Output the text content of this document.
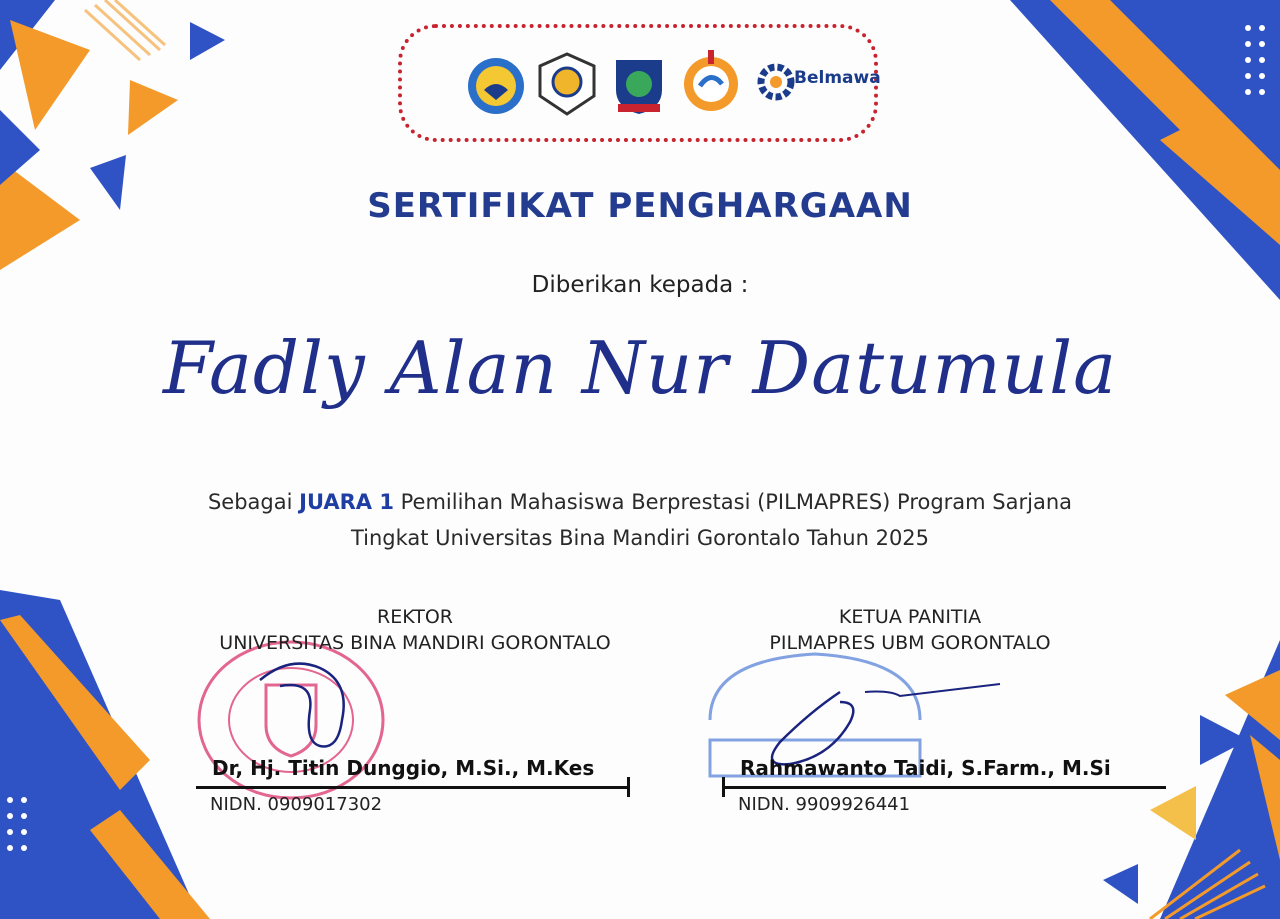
Belmawa
SERTIFIKAT PENGHARGAAN
Diberikan kepada :
Fadly Alan Nur Datumula
Sebagai JUARA 1 Pemilihan Mahasiswa Berprestasi (PILMAPRES) Program Sarjana
Tingkat Universitas Bina Mandiri Gorontalo Tahun 2025
REKTOR
UNIVERSITAS BINA MANDIRI GORONTALO
Dr, Hj. Titin Dunggio, M.Si., M.Kes
NIDN. 0909017302
KETUA PANITIA
PILMAPRES UBM GORONTALO
Rahmawanto Taidi, S.Farm., M.Si
NIDN. 9909926441
